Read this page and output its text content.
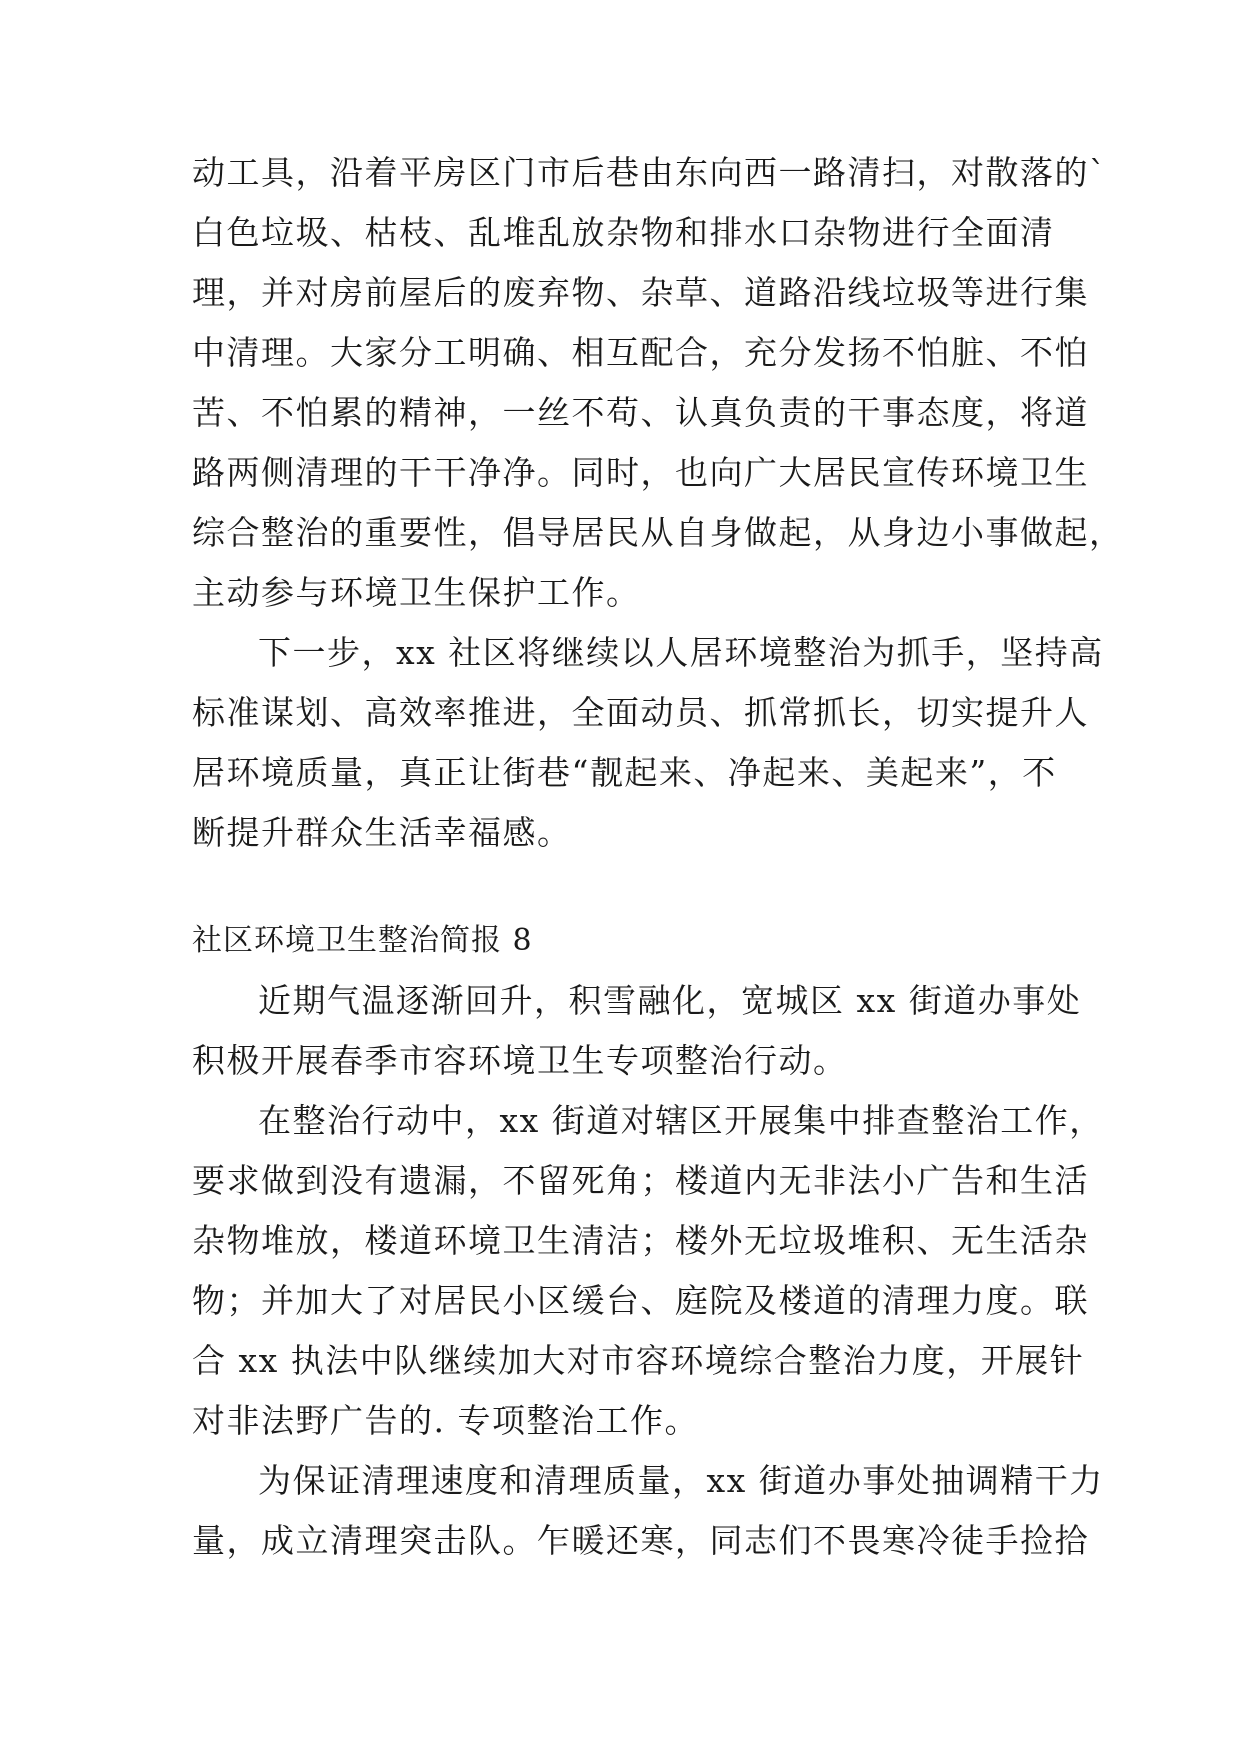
动工具，沿着平房区门市后巷由东向西一路清扫，对散落的`
白色垃圾、枯枝、乱堆乱放杂物和排水口杂物进行全面清
理，并对房前屋后的废弃物、杂草、道路沿线垃圾等进行集
中清理。大家分工明确、相互配合，充分发扬不怕脏、不怕
苦、不怕累的精神，一丝不苟、认真负责的干事态度，将道
路两侧清理的干干净净。同时，也向广大居民宣传环境卫生
综合整治的重要性，倡导居民从自身做起，从身边小事做起，
主动参与环境卫生保护工作。
下一步，xx 社区将继续以人居环境整治为抓手，坚持高
标准谋划、高效率推进，全面动员、抓常抓长，切实提升人
居环境质量，真正让街巷“靓起来、净起来、美起来”，不
断提升群众生活幸福感。
社区环境卫生整治简报 8
近期气温逐渐回升，积雪融化，宽城区 xx 街道办事处
积极开展春季市容环境卫生专项整治行动。
在整治行动中，xx 街道对辖区开展集中排查整治工作，
要求做到没有遗漏，不留死角；楼道内无非法小广告和生活
杂物堆放，楼道环境卫生清洁；楼外无垃圾堆积、无生活杂
物；并加大了对居民小区缓台、庭院及楼道的清理力度。联
合 xx 执法中队继续加大对市容环境综合整治力度，开展针
对非法野广告的. 专项整治工作。
为保证清理速度和清理质量，xx 街道办事处抽调精干力
量，成立清理突击队。乍暖还寒，同志们不畏寒冷徒手捡拾
